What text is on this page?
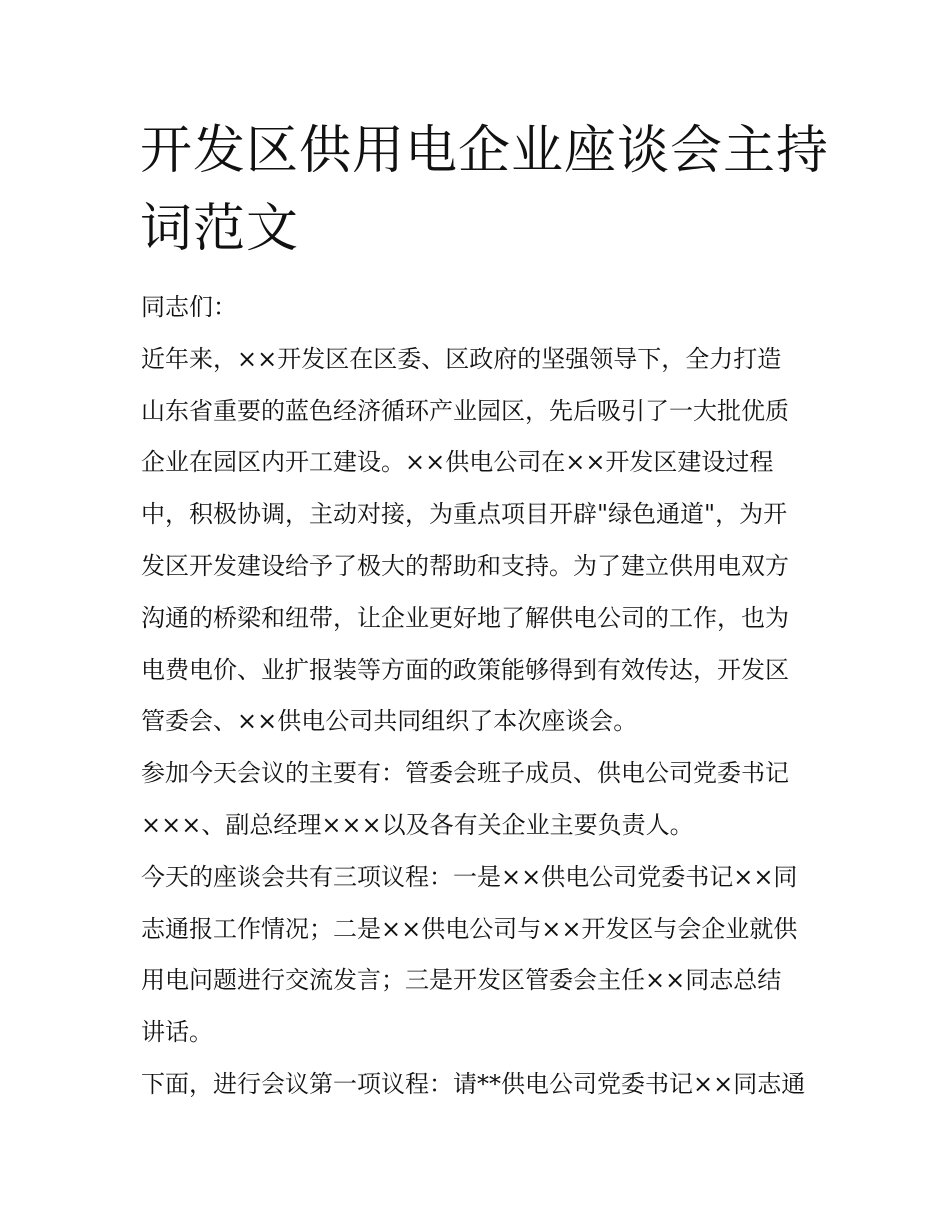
开发区供用电企业座谈会主持
词范文

同志们：

近年来，××开发区在区委、区政府的坚强领导下，全力打造
山东省重要的蓝色经济循环产业园区，先后吸引了一大批优质
企业在园区内开工建设。××供电公司在××开发区建设过程
中，积极协调，主动对接，为重点项目开辟"绿色通道"，为开
发区开发建设给予了极大的帮助和支持。为了建立供用电双方
沟通的桥梁和纽带，让企业更好地了解供电公司的工作，也为
电费电价、业扩报装等方面的政策能够得到有效传达，开发区
管委会、××供电公司共同组织了本次座谈会。

参加今天会议的主要有：管委会班子成员、供电公司党委书记
×××、副总经理×××以及各有关企业主要负责人。

今天的座谈会共有三项议程：一是××供电公司党委书记××同
志通报工作情况；二是××供电公司与××开发区与会企业就供
用电问题进行交流发言；三是开发区管委会主任××同志总结
讲话。

下面，进行会议第一项议程：请**供电公司党委书记××同志通
